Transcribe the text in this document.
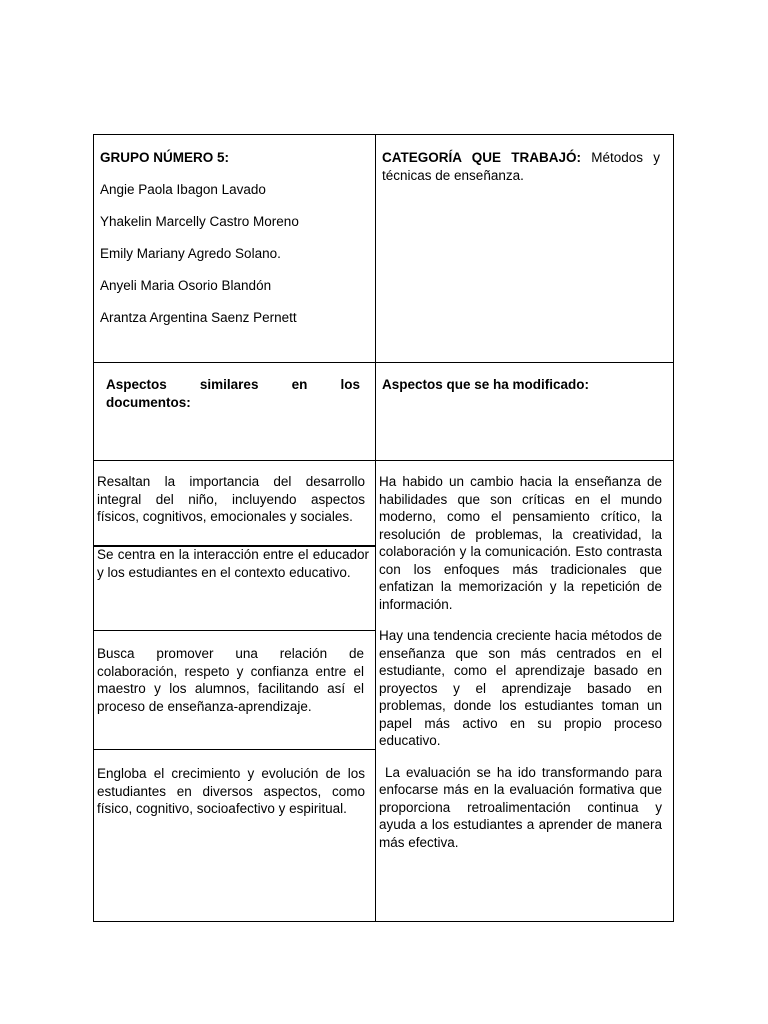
GRUPO NÚMERO 5:

Angie Paola Ibagon Lavado

Yhakelin Marcelly Castro Moreno

Emily Mariany Agredo Solano.

Anyeli Maria Osorio Blandón

Arantza Argentina Saenz Pernett

CATEGORÍA QUE TRABAJÓ: Métodos y técnicas de enseñanza.

Aspectos similares en los documentos:

Aspectos que se ha modificado:

Resaltan la importancia del desarrollo integral del niño, incluyendo aspectos físicos, cognitivos, emocionales y sociales.

Se centra en la interacción entre el educador y los estudiantes en el contexto educativo.

Busca promover una relación de colaboración, respeto y confianza entre el maestro y los alumnos, facilitando así el proceso de enseñanza-aprendizaje.

Engloba el crecimiento y evolución de los estudiantes en diversos aspectos, como físico, cognitivo, socioafectivo y espiritual.

Ha habido un cambio hacia la enseñanza de habilidades que son críticas en el mundo moderno, como el pensamiento crítico, la resolución de problemas, la creatividad, la colaboración y la comunicación. Esto contrasta con los enfoques más tradicionales que enfatizan la memorización y la repetición de información.

Hay una tendencia creciente hacia métodos de enseñanza que son más centrados en el estudiante, como el aprendizaje basado en proyectos y el aprendizaje basado en problemas, donde los estudiantes toman un papel más activo en su propio proceso educativo.

La evaluación se ha ido transformando para enfocarse más en la evaluación formativa que proporciona retroalimentación continua y ayuda a los estudiantes a aprender de manera más efectiva.
